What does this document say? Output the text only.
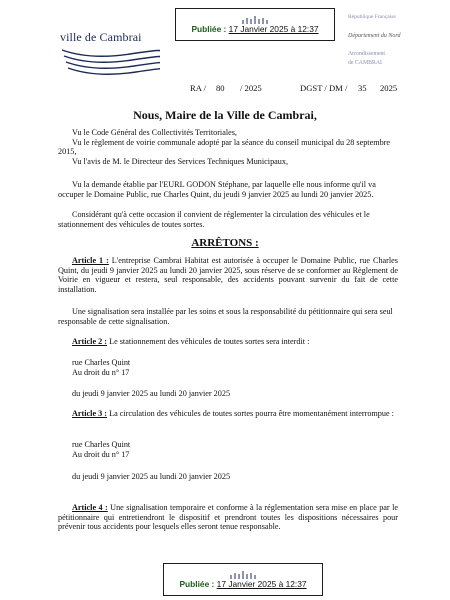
Publiée : 17 Janvier 2025 à 12:37
ville de Cambrai
République Française
Département du Nord
Arrondissement
de CAMBRAI
RA / 80 / 2025	DGST / DM / 35 2025
Nous, Maire de la Ville de Cambrai,
Vu le Code Général des Collectivités Territoriales,
Vu le règlement de voirie communale adopté par la séance du conseil municipal du 28 septembre 2015,
Vu l'avis de M. le Directeur des Services Techniques Municipaux,
Vu la demande établie par l'EURL GODON Stéphane, par laquelle elle nous informe qu'il va occuper le Domaine Public, rue Charles Quint, du jeudi 9 janvier 2025 au lundi 20 janvier 2025.
Considérant qu'à cette occasion il convient de réglementer la circulation des véhicules et le stationnement des véhicules de toutes sortes.
ARRÊTONS :
Article 1 : L'entreprise Cambrai Habitat est autorisée à occuper le Domaine Public, rue Charles Quint, du jeudi 9 janvier 2025 au lundi 20 janvier 2025, sous réserve de se conformer au Règlement de Voirie en vigueur et restera, seul responsable, des accidents pouvant survenir du fait de cette installation.
Une signalisation sera installée par les soins et sous la responsabilité du pétitionnaire qui sera seul responsable de cette signalisation.
Article 2 : Le stationnement des véhicules de toutes sortes sera interdit :
rue Charles Quint
Au droit du n° 17
du jeudi 9 janvier 2025 au lundi 20 janvier 2025
Article 3 : La circulation des véhicules de toutes sortes pourra être momentanément interrompue :
rue Charles Quint
Au droit du n° 17
du jeudi 9 janvier 2025 au lundi 20 janvier 2025
Article 4 : Une signalisation temporaire et conforme à la réglementation sera mise en place par le pétitionnaire qui entretiendront le dispositif et prendront toutes les dispositions nécessaires pour prévenir tous accidents pour lesquels elles seront tenue responsable.
Publiée : 17 Janvier 2025 à 12:37
